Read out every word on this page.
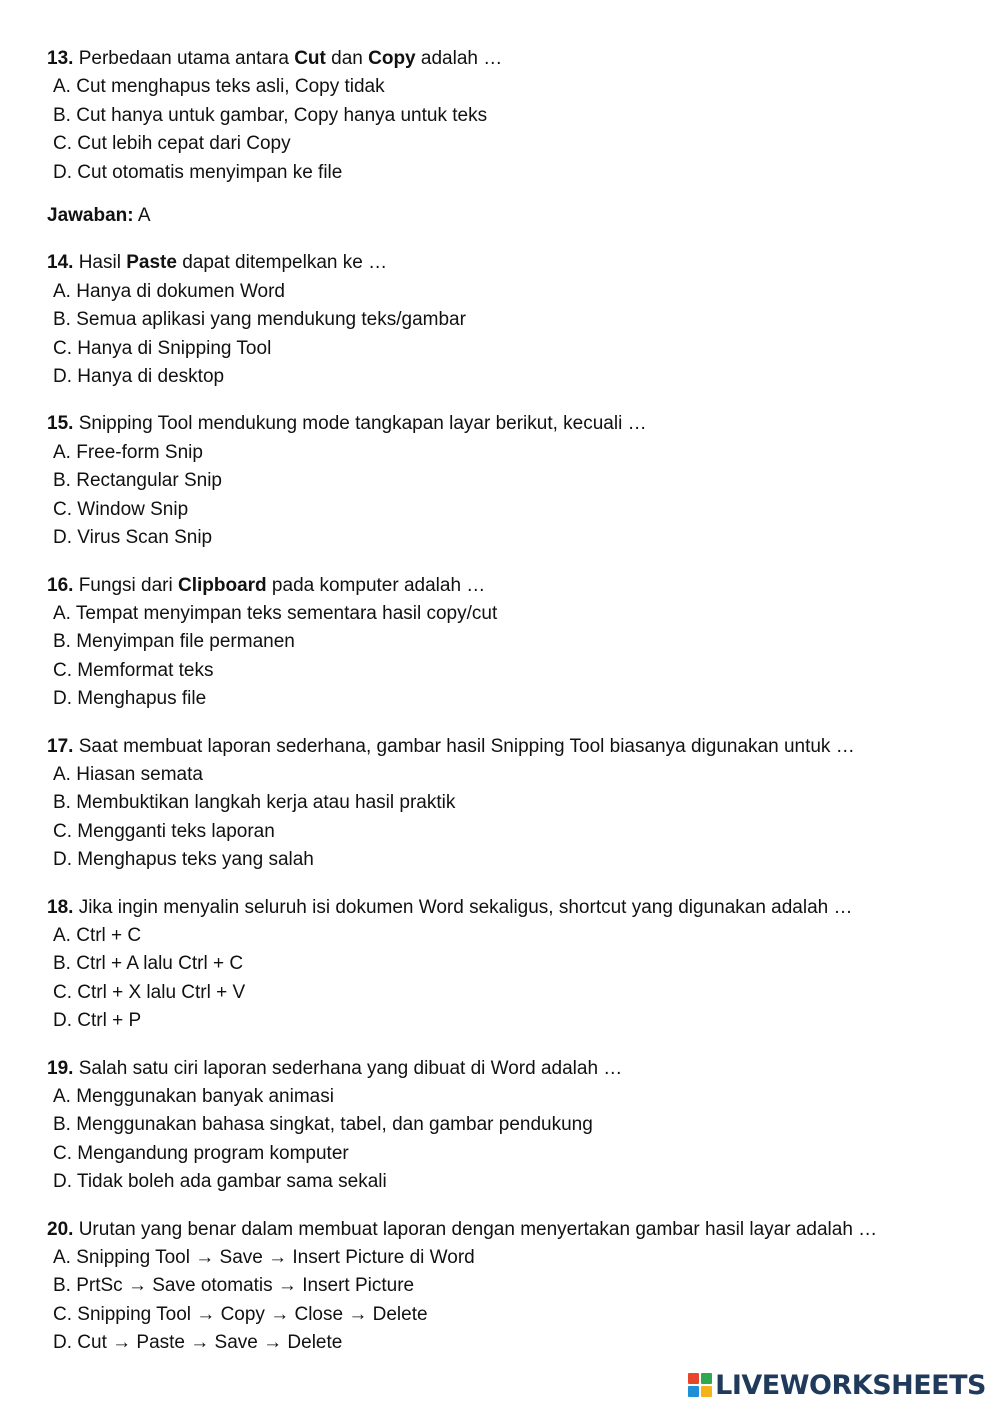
13. Perbedaan utama antara Cut dan Copy adalah …
A. Cut menghapus teks asli, Copy tidak
B. Cut hanya untuk gambar, Copy hanya untuk teks
C. Cut lebih cepat dari Copy
D. Cut otomatis menyimpan ke file
Jawaban: A
14. Hasil Paste dapat ditempelkan ke …
A. Hanya di dokumen Word
B. Semua aplikasi yang mendukung teks/gambar
C. Hanya di Snipping Tool
D. Hanya di desktop
15. Snipping Tool mendukung mode tangkapan layar berikut, kecuali …
A. Free-form Snip
B. Rectangular Snip
C. Window Snip
D. Virus Scan Snip
16. Fungsi dari Clipboard pada komputer adalah …
A. Tempat menyimpan teks sementara hasil copy/cut
B. Menyimpan file permanen
C. Memformat teks
D. Menghapus file
17. Saat membuat laporan sederhana, gambar hasil Snipping Tool biasanya digunakan untuk …
A. Hiasan semata
B. Membuktikan langkah kerja atau hasil praktik
C. Mengganti teks laporan
D. Menghapus teks yang salah
18. Jika ingin menyalin seluruh isi dokumen Word sekaligus, shortcut yang digunakan adalah …
A. Ctrl + C
B. Ctrl + A lalu Ctrl + C
C. Ctrl + X lalu Ctrl + V
D. Ctrl + P
19. Salah satu ciri laporan sederhana yang dibuat di Word adalah …
A. Menggunakan banyak animasi
B. Menggunakan bahasa singkat, tabel, dan gambar pendukung
C. Mengandung program komputer
D. Tidak boleh ada gambar sama sekali
20. Urutan yang benar dalam membuat laporan dengan menyertakan gambar hasil layar adalah …
A. Snipping Tool → Save → Insert Picture di Word
B. PrtSc → Save otomatis → Insert Picture
C. Snipping Tool → Copy → Close → Delete
D. Cut → Paste → Save → Delete
LIVEWORKSHEETS
